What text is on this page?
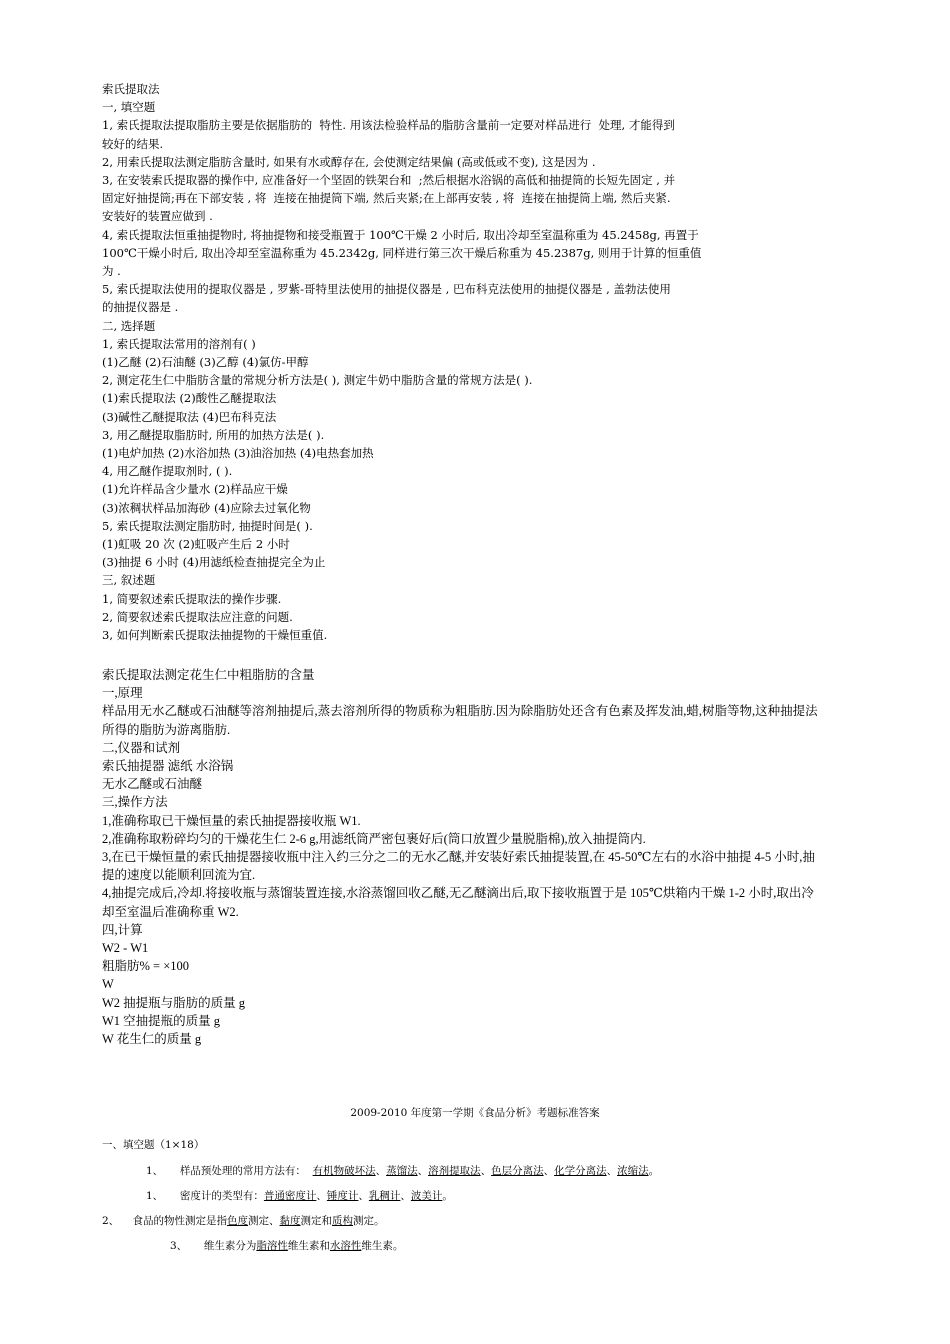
索氏提取法
一, 填空题
1, 索氏提取法提取脂肪主要是依据脂肪的  特性. 用该法检验样品的脂肪含量前一定要对样品进行  处理, 才能得到
较好的结果.
2, 用索氏提取法测定脂肪含量时, 如果有水或醇存在, 会使测定结果偏 (高或低或不变), 这是因为 .
3, 在安装索氏提取器的操作中, 应准备好一个坚固的铁架台和  ;然后根据水浴锅的高低和抽提筒的长短先固定 , 并
固定好抽提筒;再在下部安装 , 将  连接在抽提筒下端, 然后夹紧;在上部再安装 , 将  连接在抽提筒上端, 然后夹紧.
安装好的装置应做到 .
4, 索氏提取法恒重抽提物时, 将抽提物和接受瓶置于 100℃干燥 2 小时后, 取出冷却至室温称重为 45.2458g, 再置于
100℃干燥小时后, 取出冷却至室温称重为 45.2342g, 同样进行第三次干燥后称重为 45.2387g, 则用于计算的恒重值
为 .
5, 索氏提取法使用的提取仪器是 , 罗紫-哥特里法使用的抽提仪器是 , 巴布科克法使用的抽提仪器是 , 盖勃法使用
的抽提仪器是 .
二, 选择题
1, 索氏提取法常用的溶剂有( )
(1)乙醚 (2)石油醚 (3)乙醇 (4)氯仿-甲醇
2, 测定花生仁中脂肪含量的常规分析方法是( ), 测定牛奶中脂肪含量的常规方法是( ).
(1)索氏提取法 (2)酸性乙醚提取法
(3)碱性乙醚提取法 (4)巴布科克法
3, 用乙醚提取脂肪时, 所用的加热方法是( ).
(1)电炉加热 (2)水浴加热 (3)油浴加热 (4)电热套加热
4, 用乙醚作提取剂时, ( ).
(1)允许样品含少量水 (2)样品应干燥
(3)浓稠状样品加海砂 (4)应除去过氧化物
5, 索氏提取法测定脂肪时, 抽提时间是( ).
(1)虹吸 20 次 (2)虹吸产生后 2 小时
(3)抽提 6 小时 (4)用滤纸检查抽提完全为止
三, 叙述题
1, 简要叙述索氏提取法的操作步骤.
2, 简要叙述索氏提取法应注意的问题.
3, 如何判断索氏提取法抽提物的干燥恒重值.
索氏提取法测定花生仁中粗脂肪的含量
一,原理
样品用无水乙醚或石油醚等溶剂抽提后,蒸去溶剂所得的物质称为粗脂肪.因为除脂肪处还含有色素及挥发油,蜡,树脂等物,这种抽提法
所得的脂肪为游离脂肪.
二,仪器和试剂
索氏抽提器 滤纸 水浴锅
无水乙醚或石油醚
三,操作方法
1,准确称取已干燥恒量的索氏抽提器接收瓶 W1.
2,准确称取粉碎均匀的干燥花生仁 2-6 g,用滤纸筒严密包裹好后(筒口放置少量脱脂棉),放入抽提筒内.
3,在已干燥恒量的索氏抽提器接收瓶中注入约三分之二的无水乙醚,并安装好索氏抽提装置,在 45-50℃左右的水浴中抽提 4-5 小时,抽
提的速度以能顺利回流为宜.
4,抽提完成后,冷却.将接收瓶与蒸馏装置连接,水浴蒸馏回收乙醚,无乙醚滴出后,取下接收瓶置于是 105℃烘箱内干燥 1-2 小时,取出冷
却至室温后准确称重 W2.
四,计算
W2 - W1
粗脂肪% = ×100
W
W2 抽提瓶与脂肪的质量 g
W1 空抽提瓶的质量 g
W 花生仁的质量 g
2009-2010 年度第一学期《食品分析》考题标准答案
一、填空题（1×18）
1、 样品预处理的常用方法有： 有机物破坏法、蒸馏法、溶剂提取法、色层分离法、化学分离法、浓缩法。
1、 密度计的类型有：普通密度计、锤度计、乳稠计、波美计。
2、 食品的物性测定是指色度测定、黏度测定和质构测定。
3、 维生素分为脂溶性维生素和水溶性维生素。
